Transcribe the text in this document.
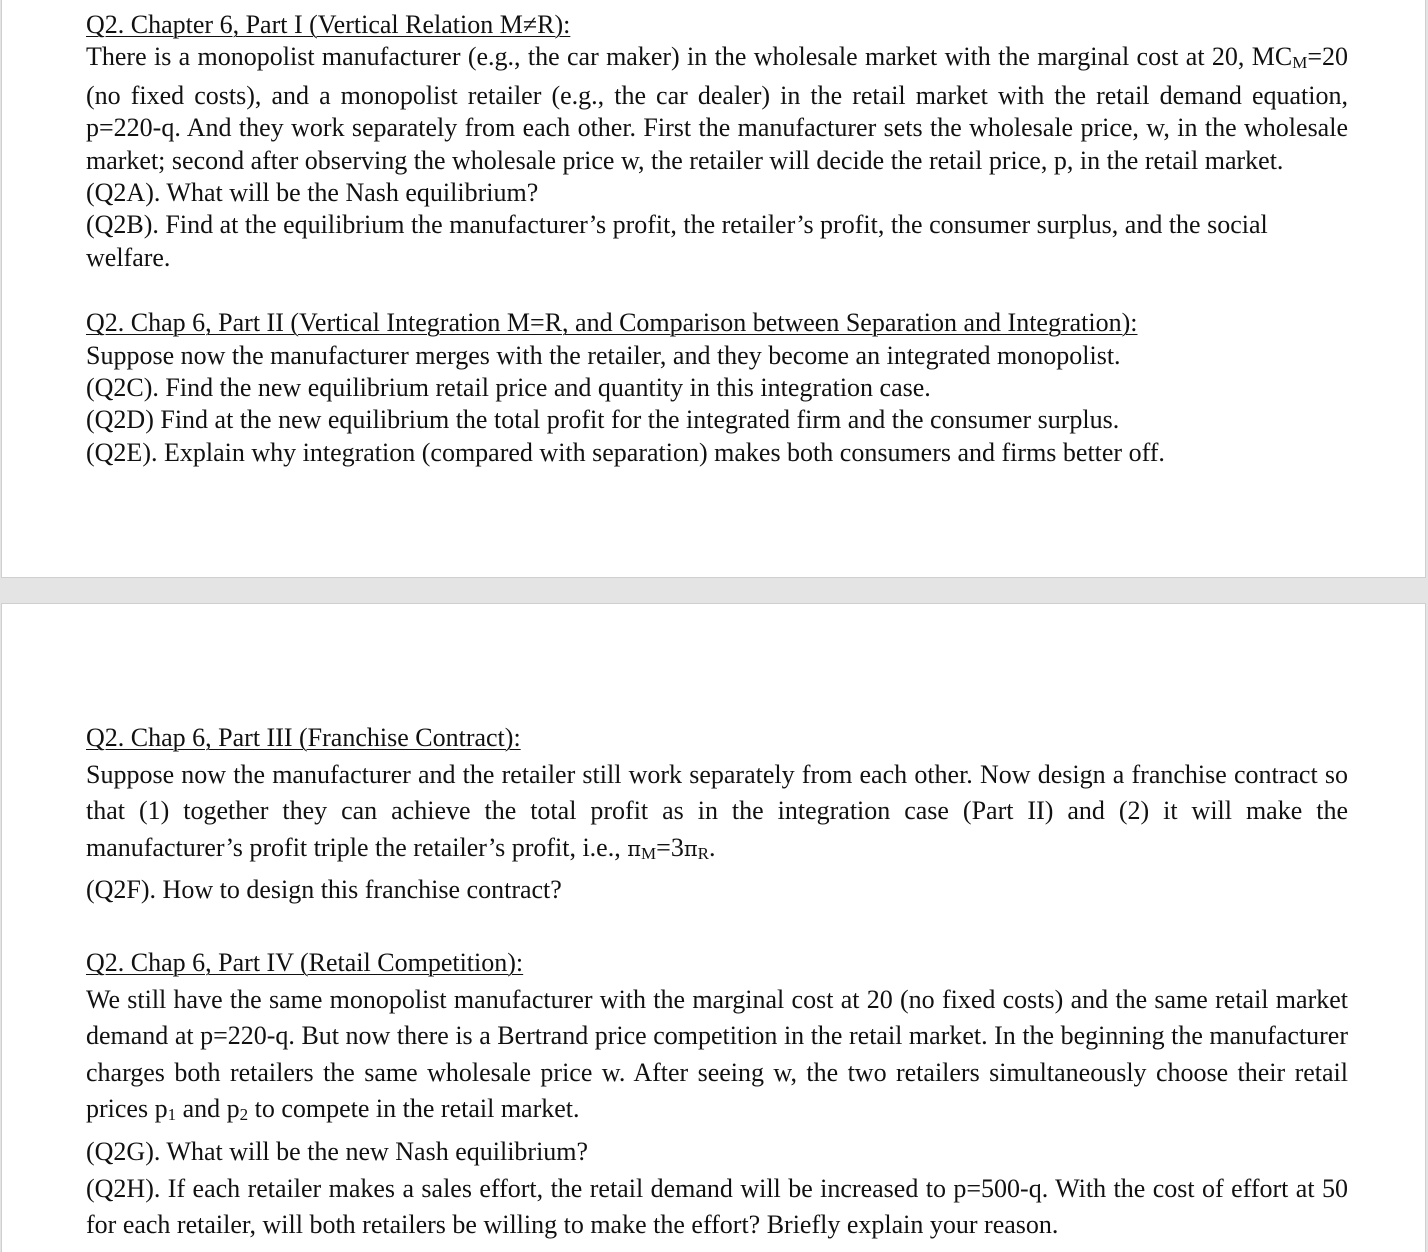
Q2. Chapter 6, Part I (Vertical Relation M≠R):
There is a monopolist manufacturer (e.g., the car maker) in the wholesale market with the marginal cost at 20, MCM=20 (no fixed costs), and a monopolist retailer (e.g., the car dealer) in the retail market with the retail demand equation, p=220-q. And they work separately from each other. First the manufacturer sets the wholesale price, w, in the wholesale market; second after observing the wholesale price w, the retailer will decide the retail price, p, in the retail market.
(Q2A). What will be the Nash equilibrium?
(Q2B). Find at the equilibrium the manufacturer’s profit, the retailer’s profit, the consumer surplus, and the social welfare.
Q2. Chap 6, Part II (Vertical Integration M=R, and Comparison between Separation and Integration):
Suppose now the manufacturer merges with the retailer, and they become an integrated monopolist.
(Q2C). Find the new equilibrium retail price and quantity in this integration case.
(Q2D) Find at the new equilibrium the total profit for the integrated firm and the consumer surplus.
(Q2E). Explain why integration (compared with separation) makes both consumers and firms better off.
Q2. Chap 6, Part III (Franchise Contract):
Suppose now the manufacturer and the retailer still work separately from each other. Now design a franchise contract so that (1) together they can achieve the total profit as in the integration case (Part II) and (2) it will make the manufacturer’s profit triple the retailer’s profit, i.e., πM=3πR.
(Q2F). How to design this franchise contract?
Q2. Chap 6, Part IV (Retail Competition):
We still have the same monopolist manufacturer with the marginal cost at 20 (no fixed costs) and the same retail market demand at p=220-q. But now there is a Bertrand price competition in the retail market. In the beginning the manufacturer charges both retailers the same wholesale price w. After seeing w, the two retailers simultaneously choose their retail prices p1 and p2 to compete in the retail market.
(Q2G). What will be the new Nash equilibrium?
(Q2H). If each retailer makes a sales effort, the retail demand will be increased to p=500-q. With the cost of effort at 50 for each retailer, will both retailers be willing to make the effort? Briefly explain your reason.
